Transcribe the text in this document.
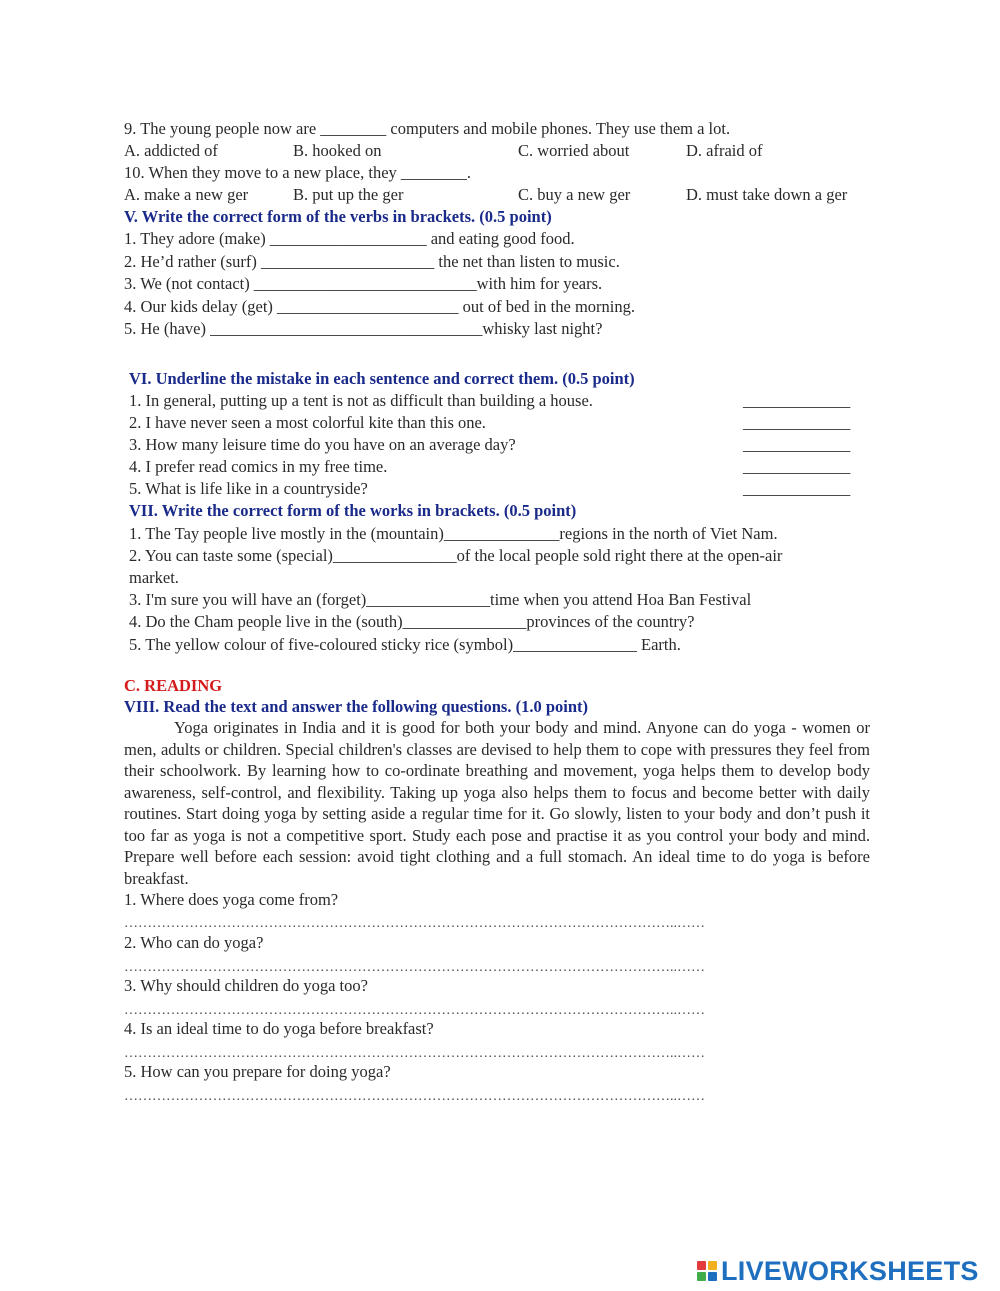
9. The young people now are ________ computers and mobile phones. They use them a lot.
A. addicted of	B. hooked on	C. worried about	D. afraid of
10. When they move to a new place, they ________.
A. make a new ger	B. put up the ger	C. buy a new ger	D. must take down a ger
V. Write the correct form of the verbs in brackets. (0.5 point)
1. They adore (make) ___________________ and eating good food.
2. He’d rather (surf) _____________________ the net than listen to music.
3. We (not contact) ___________________________with him for years.
4. Our kids delay (get) ______________________ out of bed in the morning.
5. He (have) _________________________________whisky last night?
VI. Underline the mistake in each sentence and correct them. (0.5 point)
1. In general, putting up a tent is not as difficult than building a house.	_____________
2. I have never seen a most colorful kite than this one.	_____________
3. How many leisure time do you have on an average day?	_____________
4. I prefer read comics in my free time.	_____________
5. What is life like in a countryside?	_____________
VII. Write the correct form of the works in brackets. (0.5 point)
1. The Tay people live mostly in the (mountain)______________regions in the north of Viet Nam.
2. You can taste some (special)_______________of the local people sold right there at the open-air
market.
3. I'm sure you will have an (forget)_______________time when you attend Hoa Ban Festival
4. Do the Cham people live in the (south)_______________provinces of the country?
5. The yellow colour of five-coloured sticky rice (symbol)_______________ Earth.
C. READING
VIII. Read the text and answer the following questions. (1.0 point)
Yoga originates in India and it is good for both your body and mind. Anyone can do yoga - women or men, adults or children. Special children's classes are devised to help them to cope with pressures they feel from their schoolwork. By learning how to co-ordinate breathing and movement, yoga helps them to develop body awareness, self-control, and flexibility. Taking up yoga also helps them to focus and become better with daily routines. Start doing yoga by setting aside a regular time for it. Go slowly, listen to your body and don’t push it too far as yoga is not a competitive sport. Study each pose and practise it as you control your body and mind. Prepare well before each session: avoid tight clothing and a full stomach. An ideal time to do yoga is before breakfast.
1. Where does yoga come from?
………………………………………………………………………………………………………..……
2. Who can do yoga?
………………………………………………………………………………………………………..……
3. Why should children do yoga too?
………………………………………………………………………………………………………..……
4. Is an ideal time to do yoga before breakfast?
………………………………………………………………………………………………………..……
5. How can you prepare for doing yoga?
………………………………………………………………………………………………………..……
LIVEWORKSHEETS
